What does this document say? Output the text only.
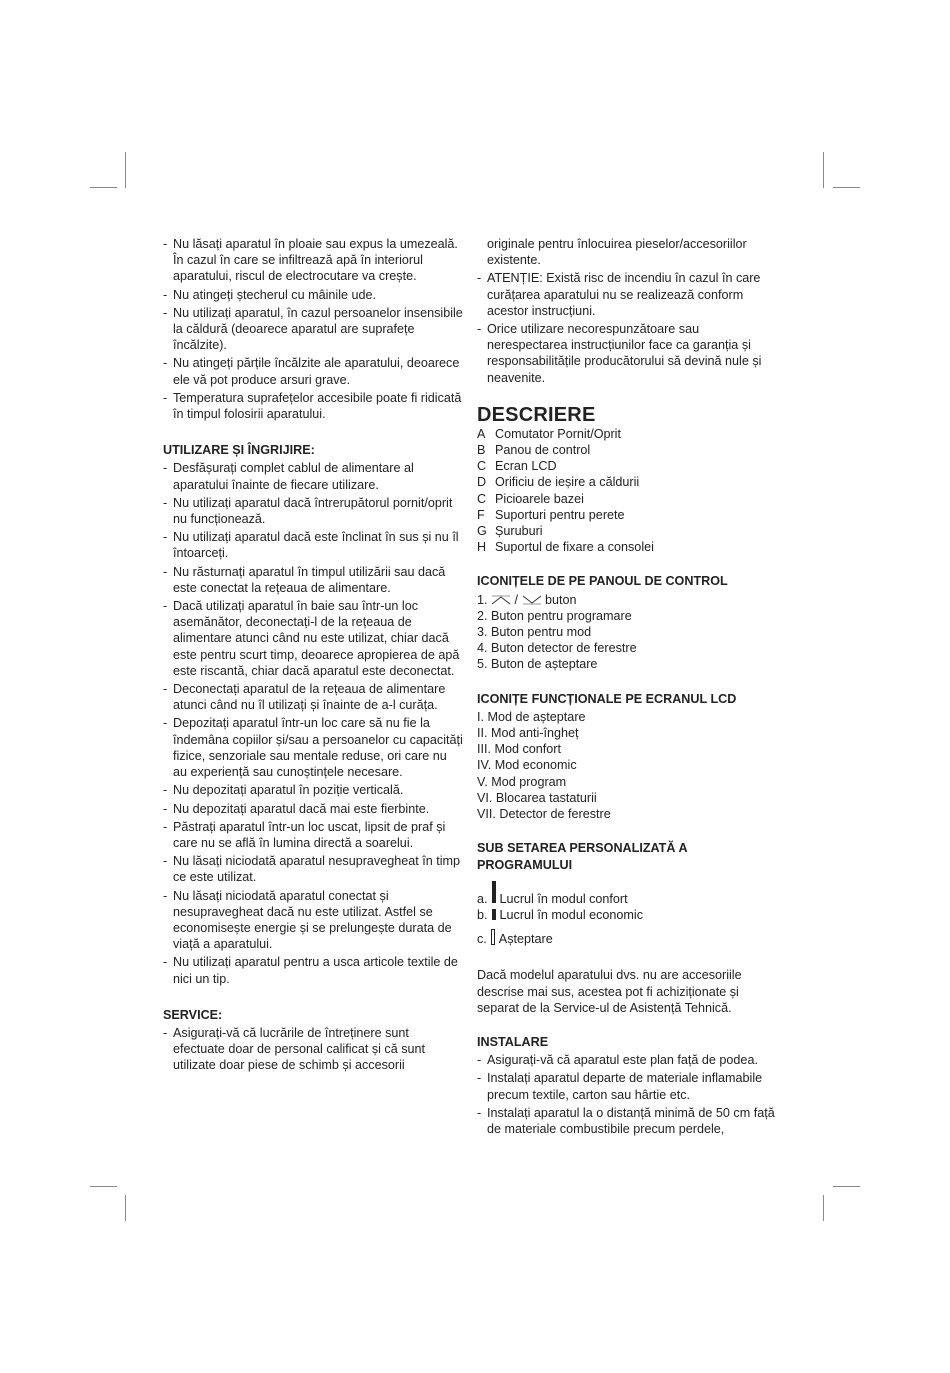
- Nu lăsați aparatul în ploaie sau expus la umezeală. În cazul în care se infiltrează apă în interiorul aparatului, riscul de electrocutare va crește.

- Nu atingeți ștecherul cu mâinile ude.

- Nu utilizați aparatul, în cazul persoanelor insensibile la căldură (deoarece aparatul are suprafețe încălzite).

- Nu atingeți părțile încălzite ale aparatului, deoarece ele vă pot produce arsuri grave.

- Temperatura suprafețelor accesibile poate fi ridicată în timpul folosirii aparatului.

UTILIZARE ȘI ÎNGRIJIRE:

- Desfășurați complet cablul de alimentare al aparatului înainte de fiecare utilizare.

- Nu utilizați aparatul dacă întrerupătorul pornit/oprit nu funcționează.

- Nu utilizați aparatul dacă este înclinat în sus și nu îl întoarceți.

- Nu răsturnați aparatul în timpul utilizării sau dacă este conectat la rețeaua de alimentare.

- Dacă utilizați aparatul în baie sau într-un loc asemănător, deconectați-l de la rețeaua de alimentare atunci când nu este utilizat, chiar dacă este pentru scurt timp, deoarece apropierea de apă este riscantă, chiar dacă aparatul este deconectat.

- Deconectați aparatul de la rețeaua de alimentare atunci când nu îl utilizați și înainte de a-l curăța.

- Depozitați aparatul într-un loc care să nu fie la îndemâna copiilor și/sau a persoanelor cu capacități fizice, senzoriale sau mentale reduse, ori care nu au experiență sau cunoștințele necesare.

- Nu depozitați aparatul în poziție verticală.

- Nu depozitați aparatul dacă mai este fierbinte.

- Păstrați aparatul într-un loc uscat, lipsit de praf și care nu se află în lumina directă a soarelui.

- Nu lăsați niciodată aparatul nesupravegheat în timp ce este utilizat.

- Nu lăsați niciodată aparatul conectat și nesupravegheat dacă nu este utilizat. Astfel se economisește energie și se prelungește durata de viață a aparatului.

- Nu utilizați aparatul pentru a usca articole textile de nici un tip.

SERVICE:

- Asigurați-vă că lucrările de întreținere sunt efectuate doar de personal calificat și că sunt utilizate doar piese de schimb și accesorii

originale pentru înlocuirea pieselor/accesoriilor existente.

- ATENȚIE: Există risc de incendiu în cazul în care curățarea aparatului nu se realizează conform acestor instrucțiuni.

- Orice utilizare necorespunzătoare sau nerespectarea instrucțiunilor face ca garanția și responsabilitățile producătorului să devină nule și neavenite.

DESCRIERE

A Comutator Pornit/Oprit

B Panou de control

C Ecran LCD

D Orificiu de ieșire a căldurii

C Picioarele bazei

F Suporturi pentru perete

G Șuruburi

H Suportul de fixare a consolei

ICONIȚELE DE PE PANOUL DE CONTROL

1. / buton

2. Buton pentru programare

3. Buton pentru mod

4. Buton detector de ferestre

5. Buton de așteptare

ICONIȚE FUNCȚIONALE PE ECRANUL LCD

I. Mod de așteptare

II. Mod anti-îngheț

III. Mod confort

IV. Mod economic

V. Mod program

VI. Blocarea tastaturii

VII. Detector de ferestre

SUB SETAREA PERSONALIZATĂ A PROGRAMULUI

a. Lucrul în modul confort

b. Lucrul în modul economic

c. Așteptare

Dacă modelul aparatului dvs. nu are accesoriile descrise mai sus, acestea pot fi achiziționate și separat de la Service-ul de Asistență Tehnică.

INSTALARE

- Asigurați-vă că aparatul este plan față de podea.

- Instalați aparatul departe de materiale inflamabile precum textile, carton sau hârtie etc.

- Instalați aparatul la o distanță minimă de 50 cm față de materiale combustibile precum perdele,
